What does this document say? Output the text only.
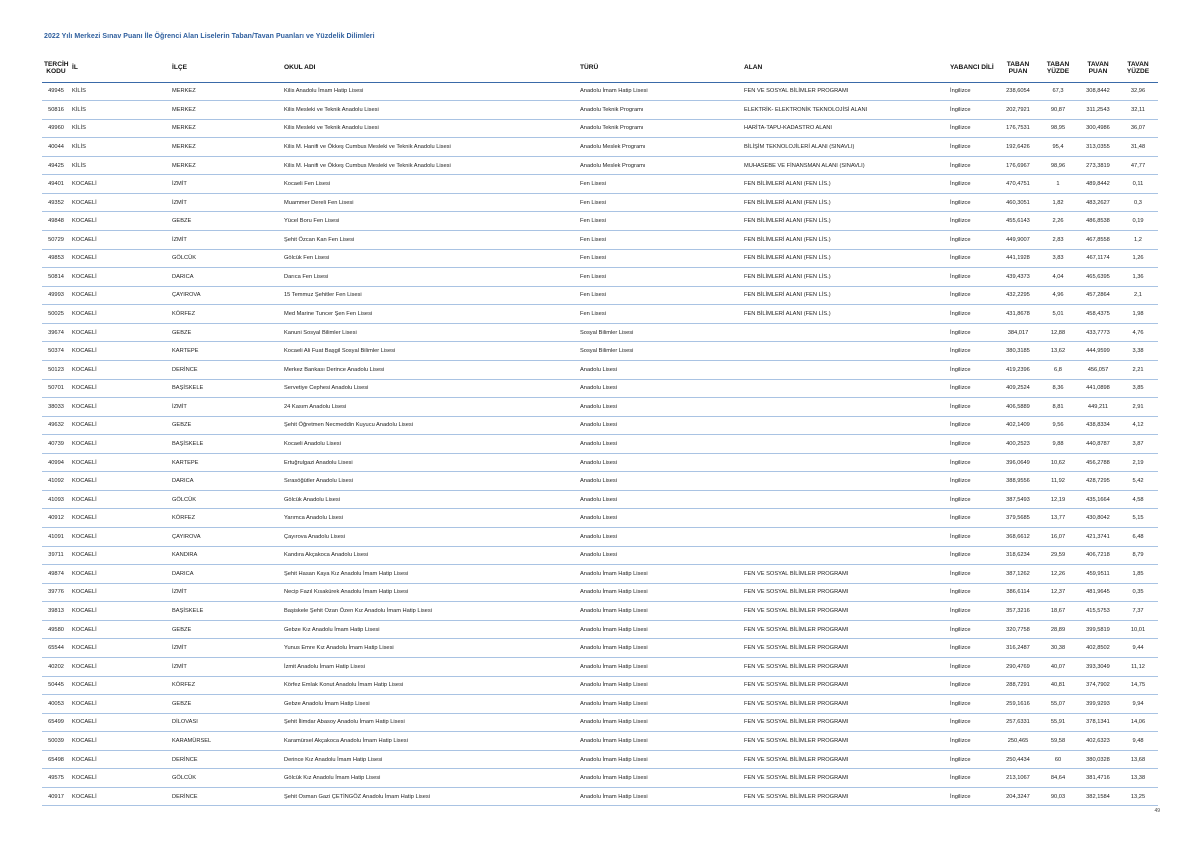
2022 Yılı Merkezi Sınav Puanı İle Öğrenci Alan Liselerin Taban/Tavan Puanları ve Yüzdelik Dilimleri
TERCİH KODU	İL	İLÇE	OKUL ADI	TÜRÜ	ALAN	YABANCI DİLİ	TABAN PUAN	TABAN YÜZDE	TAVAN PUAN	TAVAN YÜZDE
49945	KİLİS	MERKEZ	Kilis Anadolu İmam Hatip Lisesi	Anadolu İmam Hatip Lisesi	FEN VE SOSYAL BİLİMLER PROGRAMI	İngilizce	238,6054	67,3	308,8442	32,96
50816	KİLİS	MERKEZ	Kilis Mesleki ve Teknik Anadolu Lisesi	Anadolu Teknik Programı	ELEKTRİK- ELEKTRONİK TEKNOLOJİSİ ALANI	İngilizce	202,7921	90,87	311,2543	32,11
49960	KİLİS	MERKEZ	Kilis Mesleki ve Teknik Anadolu Lisesi	Anadolu Teknik Programı	HARİTA-TAPU-KADASTRO ALANI	İngilizce	176,7531	98,95	300,4986	36,07
40044	KİLİS	MERKEZ	Kilis M. Hanifi ve Ökkeş Cumbus Mesleki ve Teknik Anadolu Lisesi	Anadolu Meslek Programı	BİLİŞİM TEKNOLOJİLERİ ALANI (SINAVLI)	İngilizce	192,6426	95,4	313,0355	31,48
49425	KİLİS	MERKEZ	Kilis M. Hanifi ve Ökkeş Cumbus Mesleki ve Teknik Anadolu Lisesi	Anadolu Meslek Programı	MUHASEBE VE FİNANSMAN ALANI (SINAVLI)	İngilizce	176,6967	98,96	273,3819	47,77
49401	KOCAELİ	İZMİT	Kocaeli Fen Lisesi	Fen Lisesi	FEN BİLİMLERİ ALANI (FEN LİS.)	İngilizce	470,4751	1	489,8442	0,11
49352	KOCAELİ	İZMİT	Muammer Dereli Fen Lisesi	Fen Lisesi	FEN BİLİMLERİ ALANI (FEN LİS.)	İngilizce	460,3051	1,82	483,2627	0,3
49848	KOCAELİ	GEBZE	Yücel Boru Fen Lisesi	Fen Lisesi	FEN BİLİMLERİ ALANI (FEN LİS.)	İngilizce	455,6143	2,26	486,8538	0,19
50729	KOCAELİ	İZMİT	Şehit Özcan Kan Fen Lisesi	Fen Lisesi	FEN BİLİMLERİ ALANI (FEN LİS.)	İngilizce	449,9007	2,83	467,8558	1,2
49853	KOCAELİ	GÖLCÜK	Gölcük Fen Lisesi	Fen Lisesi	FEN BİLİMLERİ ALANI (FEN LİS.)	İngilizce	441,1928	3,83	467,1174	1,26
50814	KOCAELİ	DARICA	Darıca Fen Lisesi	Fen Lisesi	FEN BİLİMLERİ ALANI (FEN LİS.)	İngilizce	439,4373	4,04	465,6395	1,36
49993	KOCAELİ	ÇAYIROVA	15 Temmuz Şehitler Fen Lisesi	Fen Lisesi	FEN BİLİMLERİ ALANI (FEN LİS.)	İngilizce	432,2295	4,96	457,2864	2,1
50025	KOCAELİ	KÖRFEZ	Med Marine Tuncer Şen Fen Lisesi	Fen Lisesi	FEN BİLİMLERİ ALANI (FEN LİS.)	İngilizce	431,8678	5,01	458,4375	1,98
39674	KOCAELİ	GEBZE	Kanuni Sosyal Bilimler Lisesi	Sosyal Bilimler Lisesi		İngilizce	384,017	12,88	433,7773	4,76
50374	KOCAELİ	KARTEPE	Kocaeli Ali Fuat Başgil Sosyal Bilimler Lisesi	Sosyal Bilimler Lisesi		İngilizce	380,3185	13,62	444,9599	3,38
50123	KOCAELİ	DERİNCE	Merkez Bankası Derince Anadolu Lisesi	Anadolu Lisesi		İngilizce	419,2396	6,8	456,057	2,21
50701	KOCAELİ	BAŞİSKELE	Servetiye Cephesi Anadolu Lisesi	Anadolu Lisesi		İngilizce	409,2524	8,36	441,0898	3,85
38033	KOCAELİ	İZMİT	24 Kasım Anadolu Lisesi	Anadolu Lisesi		İngilizce	406,5889	8,81	449,211	2,91
49632	KOCAELİ	GEBZE	Şehit Öğretmen Necmeddin Kuyucu Anadolu Lisesi	Anadolu Lisesi		İngilizce	402,1409	9,56	438,8334	4,12
40739	KOCAELİ	BAŞİSKELE	Kocaeli Anadolu Lisesi	Anadolu Lisesi		İngilizce	400,2523	9,88	440,8787	3,87
40994	KOCAELİ	KARTEPE	Ertuğrulgazi Anadolu Lisesi	Anadolu Lisesi		İngilizce	396,0649	10,62	456,2788	2,19
41092	KOCAELİ	DARICA	Sırasöğütler Anadolu Lisesi	Anadolu Lisesi		İngilizce	388,9556	11,92	428,7295	5,42
41093	KOCAELİ	GÖLCÜK	Gölcük Anadolu Lisesi	Anadolu Lisesi		İngilizce	387,5493	12,19	435,1664	4,58
40912	KOCAELİ	KÖRFEZ	Yarımca Anadolu Lisesi	Anadolu Lisesi		İngilizce	379,5685	13,77	430,8042	5,15
41091	KOCAELİ	ÇAYIROVA	Çayırova Anadolu Lisesi	Anadolu Lisesi		İngilizce	368,6612	16,07	421,3741	6,48
39711	KOCAELİ	KANDIRA	Kandıra Akçakoca Anadolu Lisesi	Anadolu Lisesi		İngilizce	318,6234	29,59	406,7218	8,79
49874	KOCAELİ	DARICA	Şehit Hasan Kaya Kız Anadolu İmam Hatip Lisesi	Anadolu İmam Hatip Lisesi	FEN VE SOSYAL BİLİMLER PROGRAMI	İngilizce	387,1262	12,26	459,9511	1,85
39776	KOCAELİ	İZMİT	Necip Fazıl Kısakürek Anadolu İmam Hatip Lisesi	Anadolu İmam Hatip Lisesi	FEN VE SOSYAL BİLİMLER PROGRAMI	İngilizce	386,6114	12,37	481,9645	0,35
39813	KOCAELİ	BAŞİSKELE	Başiskele Şehit Ozan Özen Kız Anadolu İmam Hatip Lisesi	Anadolu İmam Hatip Lisesi	FEN VE SOSYAL BİLİMLER PROGRAMI	İngilizce	357,3216	18,67	415,5753	7,37
49580	KOCAELİ	GEBZE	Gebze Kız Anadolu İmam Hatip Lisesi	Anadolu İmam Hatip Lisesi	FEN VE SOSYAL BİLİMLER PROGRAMI	İngilizce	320,7758	28,89	399,5819	10,01
65544	KOCAELİ	İZMİT	Yunus Emre Kız Anadolu İmam Hatip Lisesi	Anadolu İmam Hatip Lisesi	FEN VE SOSYAL BİLİMLER PROGRAMI	İngilizce	316,2487	30,38	402,8502	9,44
40202	KOCAELİ	İZMİT	İzmit Anadolu İmam Hatip Lisesi	Anadolu İmam Hatip Lisesi	FEN VE SOSYAL BİLİMLER PROGRAMI	İngilizce	290,4769	40,07	393,3049	11,12
50445	KOCAELİ	KÖRFEZ	Körfez Emlak Konut Anadolu İmam Hatip Lisesi	Anadolu İmam Hatip Lisesi	FEN VE SOSYAL BİLİMLER PROGRAMI	İngilizce	288,7291	40,81	374,7902	14,75
40053	KOCAELİ	GEBZE	Gebze Anadolu İmam Hatip Lisesi	Anadolu İmam Hatip Lisesi	FEN VE SOSYAL BİLİMLER PROGRAMI	İngilizce	259,1616	55,07	399,9293	9,94
65499	KOCAELİ	DİLOVASI	Şehit İlimdar Abasoy Anadolu İmam Hatip Lisesi	Anadolu İmam Hatip Lisesi	FEN VE SOSYAL BİLİMLER PROGRAMI	İngilizce	257,6331	55,91	378,1341	14,06
50039	KOCAELİ	KARAMÜRSEL	Karamürsel Akçakoca Anadolu İmam Hatip Lisesi	Anadolu İmam Hatip Lisesi	FEN VE SOSYAL BİLİMLER PROGRAMI	İngilizce	250,465	59,58	402,6323	9,48
65498	KOCAELİ	DERİNCE	Derince Kız Anadolu İmam Hatip Lisesi	Anadolu İmam Hatip Lisesi	FEN VE SOSYAL BİLİMLER PROGRAMI	İngilizce	250,4434	60	380,0328	13,68
49575	KOCAELİ	GÖLCÜK	Gölcük Kız Anadolu İmam Hatip Lisesi	Anadolu İmam Hatip Lisesi	FEN VE SOSYAL BİLİMLER PROGRAMI	İngilizce	213,1067	84,64	381,4716	13,38
40917	KOCAELİ	DERİNCE	Şehit Osman Gazi ÇETİNGÖZ Anadolu İmam Hatip Lisesi	Anadolu İmam Hatip Lisesi	FEN VE SOSYAL BİLİMLER PROGRAMI	İngilizce	204,3247	90,03	382,1584	13,25
49
